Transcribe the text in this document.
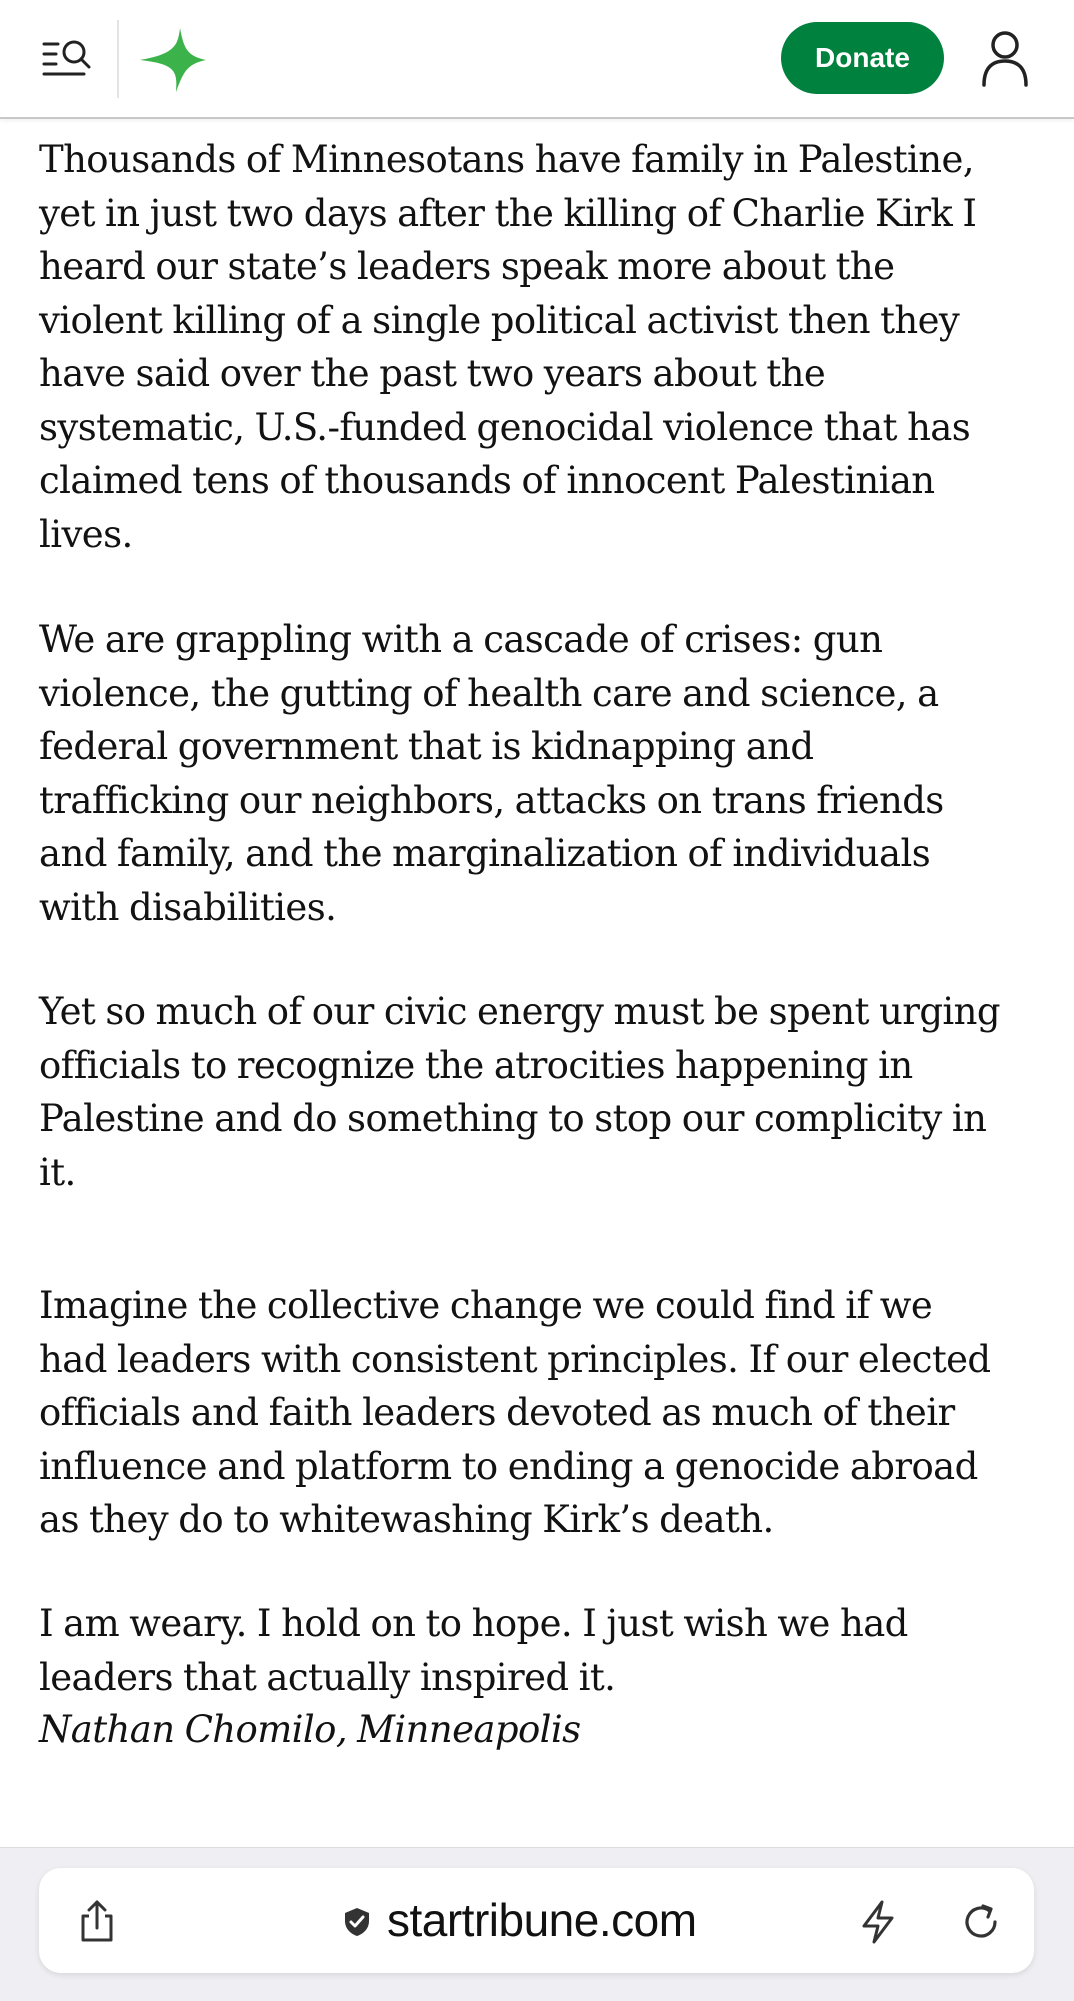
Donate

Thousands of Minnesotans have family in Palestine,
yet in just two days after the killing of Charlie Kirk I
heard our state’s leaders speak more about the
violent killing of a single political activist then they
have said over the past two years about the
systematic, U.S.-funded genocidal violence that has
claimed tens of thousands of innocent Palestinian
lives.

We are grappling with a cascade of crises: gun
violence, the gutting of health care and science, a
federal government that is kidnapping and
trafficking our neighbors, attacks on trans friends
and family, and the marginalization of individuals
with disabilities.

Yet so much of our civic energy must be spent urging
officials to recognize the atrocities happening in
Palestine and do something to stop our complicity in
it.

Imagine the collective change we could find if we
had leaders with consistent principles. If our elected
officials and faith leaders devoted as much of their
influence and platform to ending a genocide abroad
as they do to whitewashing Kirk’s death.

I am weary. I hold on to hope. I just wish we had
leaders that actually inspired it.

Nathan Chomilo, Minneapolis

startribune.com
